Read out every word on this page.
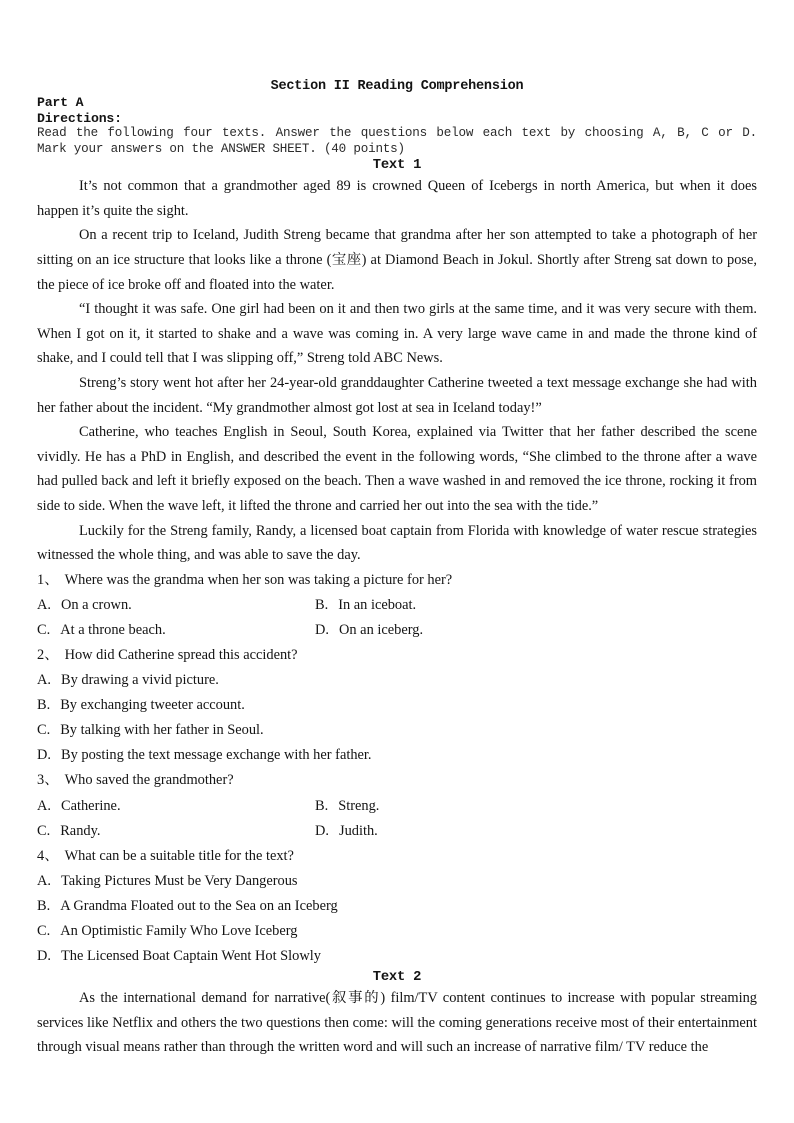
Section II Reading Comprehension
Part A
Directions:
Read the following four texts. Answer the questions below each text by choosing A, B, C or D. Mark your answers on the ANSWER SHEET. (40 points)
Text 1

It’s not common that a grandmother aged 89 is crowned Queen of Icebergs in north America, but when it does happen it’s quite the sight.

On a recent trip to Iceland, Judith Streng became that grandma after her son attempted to take a photograph of her sitting on an ice structure that looks like a throne (宝座) at Diamond Beach in Jokul. Shortly after Streng sat down to pose, the piece of ice broke off and floated into the water.

“I thought it was safe. One girl had been on it and then two girls at the same time, and it was very secure with them. When I got on it, it started to shake and a wave was coming in. A very large wave came in and made the throne kind of shake, and I could tell that I was slipping off,” Streng told ABC News.

Streng’s story went hot after her 24-year-old granddaughter Catherine tweeted a text message exchange she had with her father about the incident. “My grandmother almost got lost at sea in Iceland today!”

Catherine, who teaches English in Seoul, South Korea, explained via Twitter that her father described the scene vividly. He has a PhD in English, and described the event in the following words, “She climbed to the throne after a wave had pulled back and left it briefly exposed on the beach. Then a wave washed in and removed the ice throne, rocking it from side to side. When the wave left, it lifted the throne and carried her out into the sea with the tide.”

Luckily for the Streng family, Randy, a licensed boat captain from Florida with knowledge of water rescue strategies witnessed the whole thing, and was able to save the day.

1、 Where was the grandma when her son was taking a picture for her?
A. On a crown.	B. In an iceboat.
C. At a throne beach.	D. On an iceberg.
2、 How did Catherine spread this accident?
A. By drawing a vivid picture.
B. By exchanging tweeter account.
C. By talking with her father in Seoul.
D. By posting the text message exchange with her father.
3、 Who saved the grandmother?
A. Catherine.	B. Streng.
C. Randy.	D. Judith.
4、 What can be a suitable title for the text?
A. Taking Pictures Must be Very Dangerous
B. A Grandma Floated out to the Sea on an Iceberg
C. An Optimistic Family Who Love Iceberg
D. The Licensed Boat Captain Went Hot Slowly
Text 2

As the international demand for narrative(叙事的) film/TV content continues to increase with popular streaming services like Netflix and others the two questions then come: will the coming generations receive most of their entertainment through visual means rather than through the written word and will such an increase of narrative film/ TV reduce the
